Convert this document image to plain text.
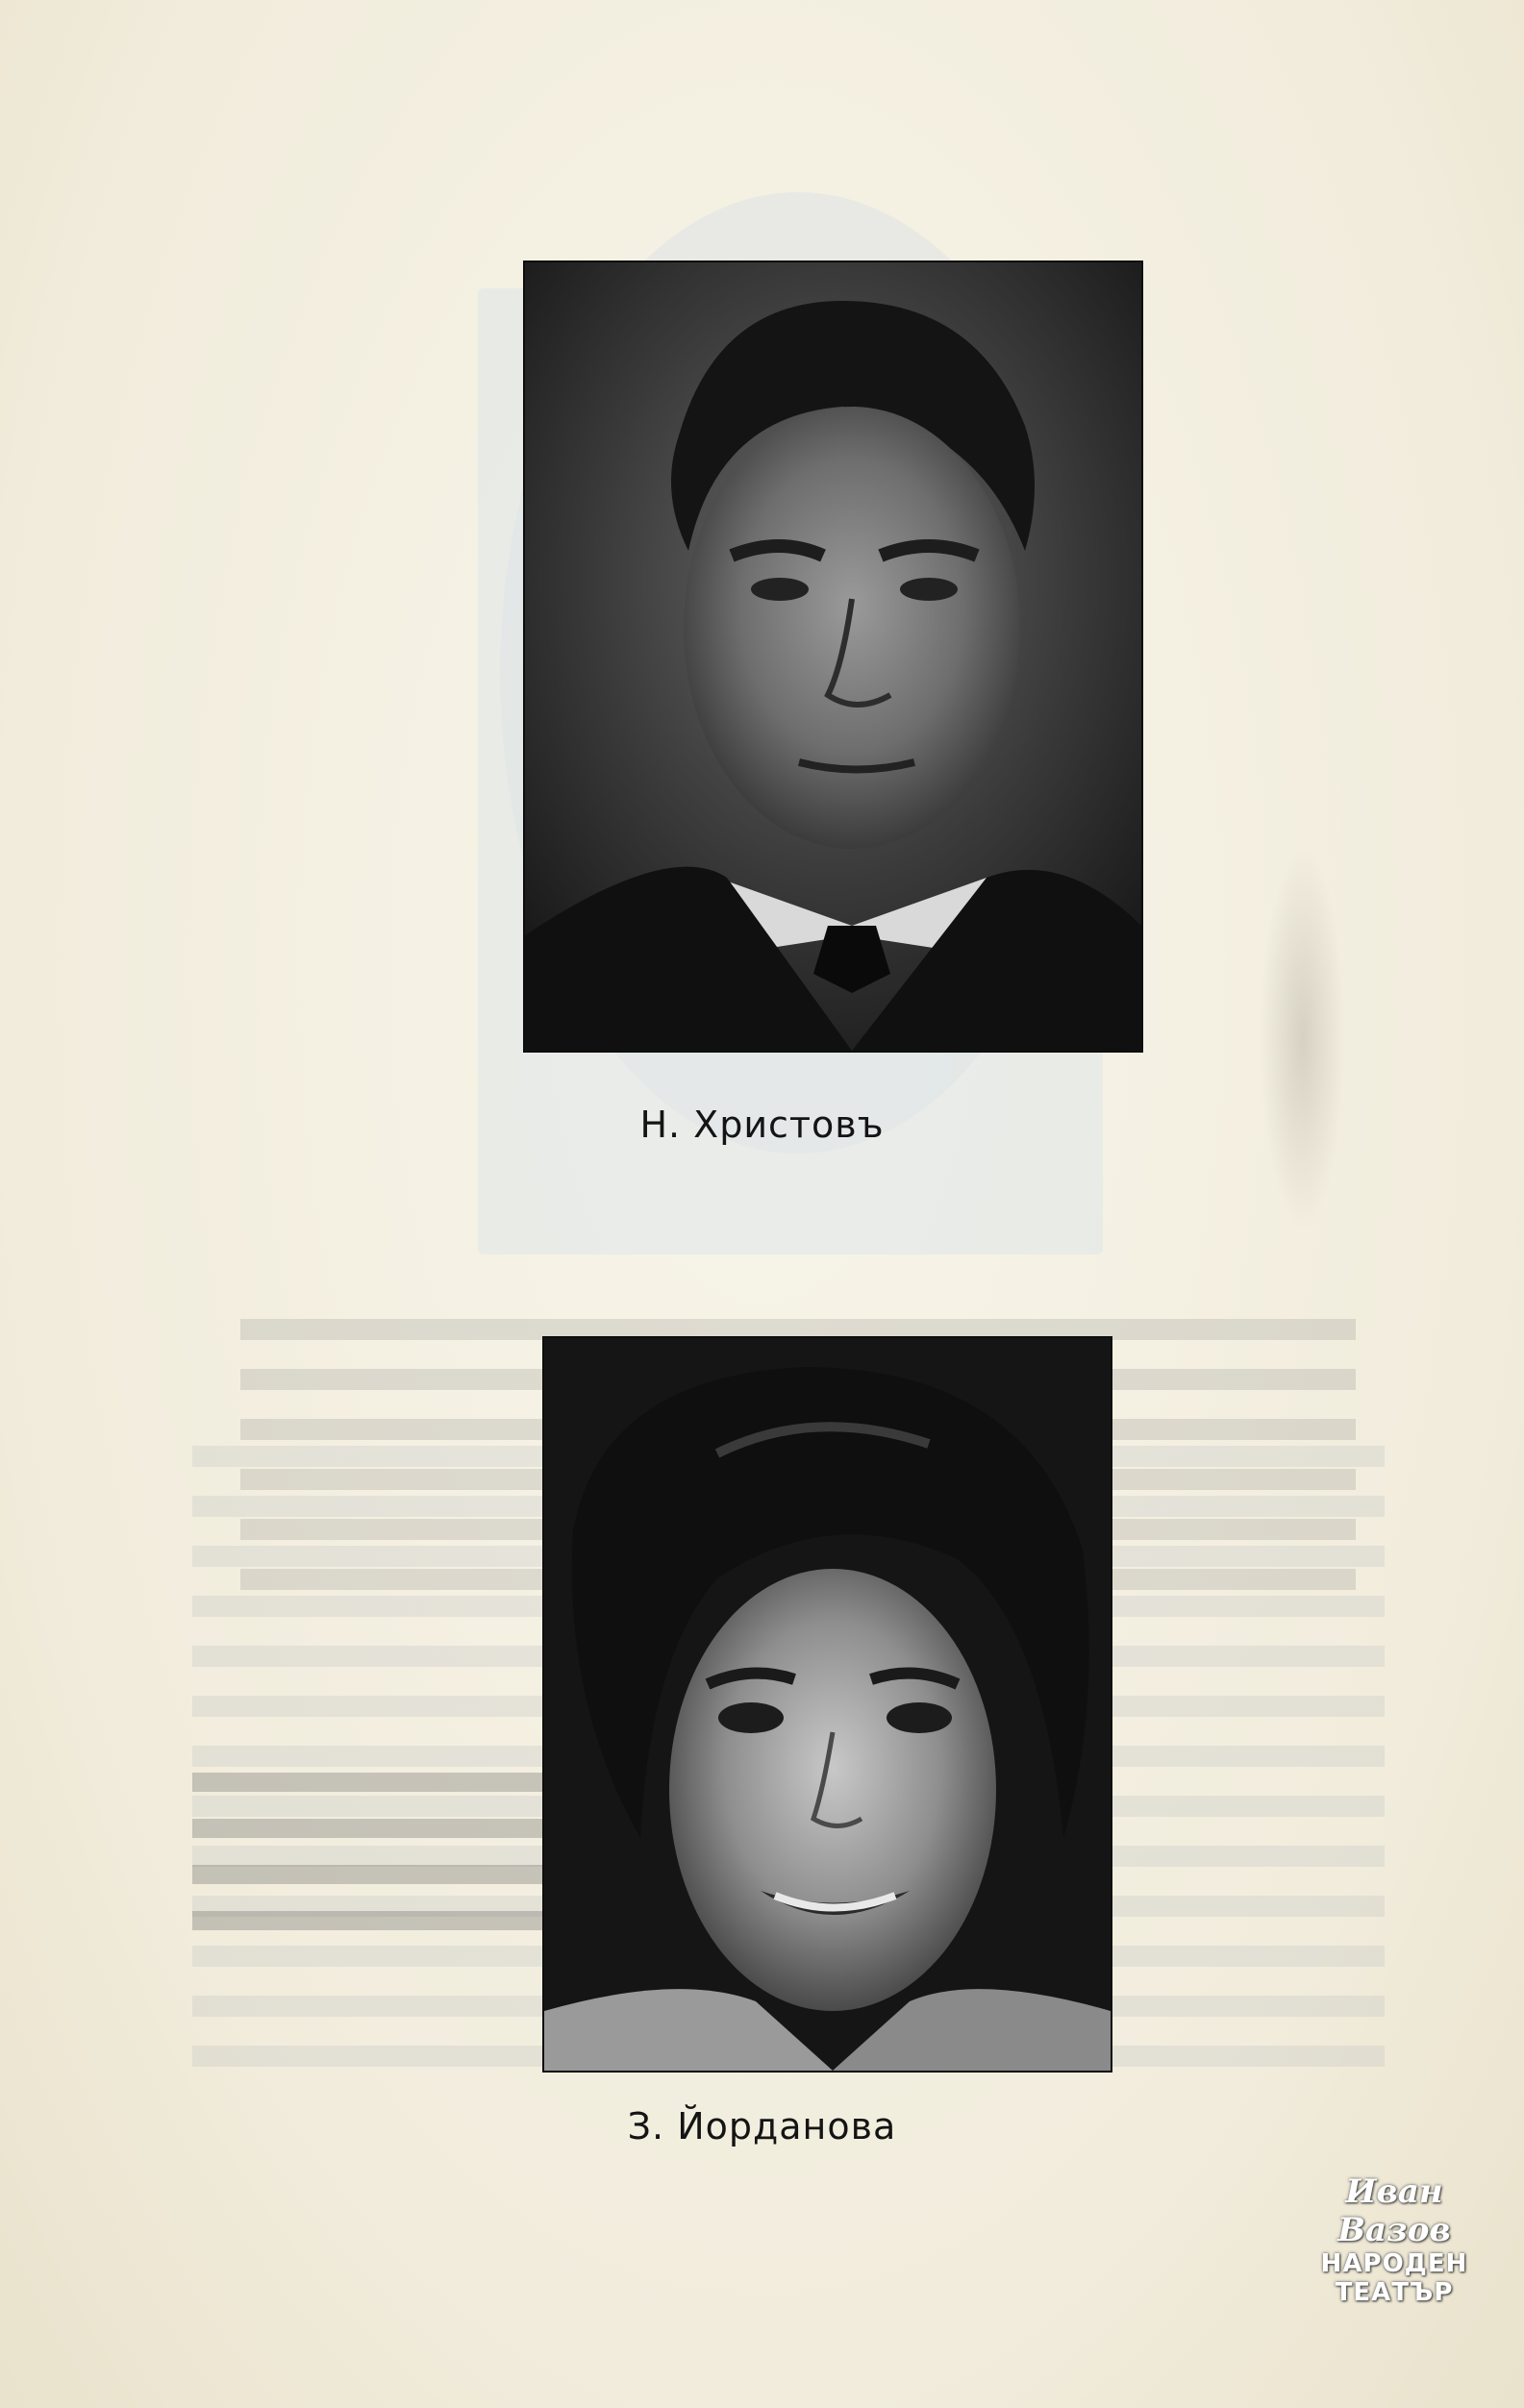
Н. Христовъ
З. Йорданова
Иван Вазов
НАРОДЕН
ТЕАТЪР
